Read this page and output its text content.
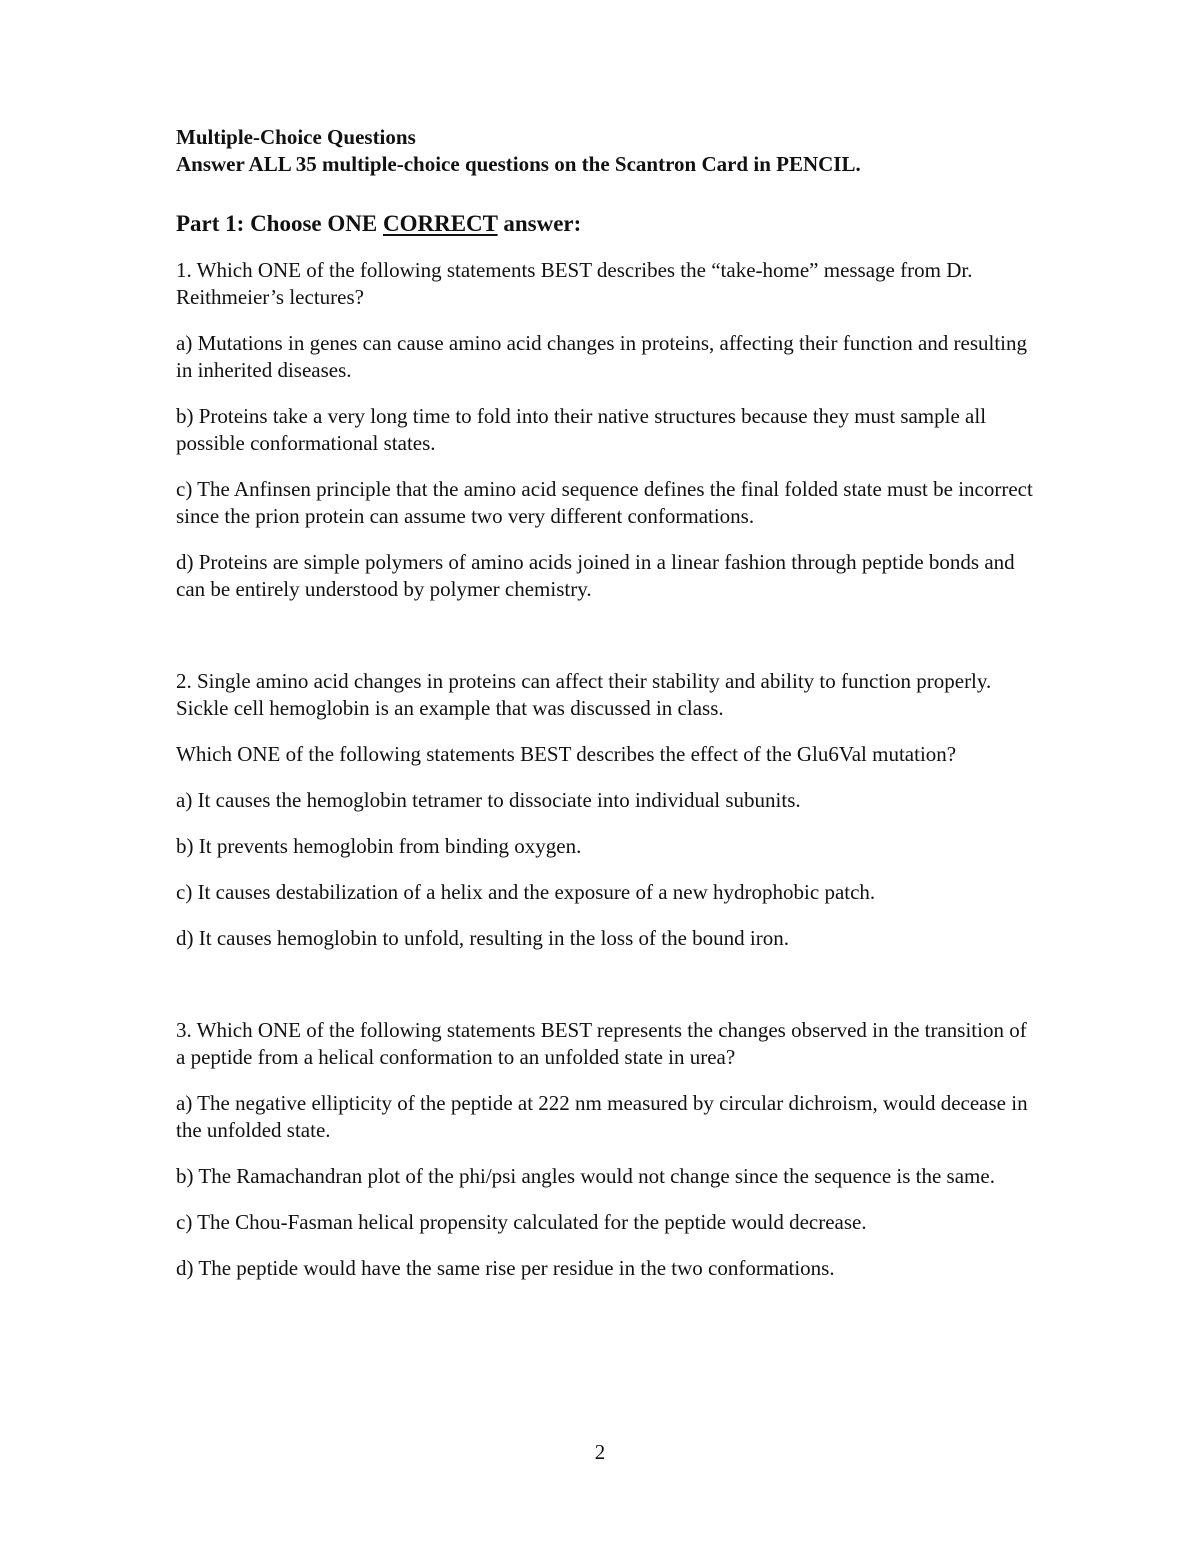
Multiple-Choice Questions

Answer ALL 35 multiple-choice questions on the Scantron Card in PENCIL.

Part 1: Choose ONE CORRECT answer:

1. Which ONE of the following statements BEST describes the “take-home” message from Dr. Reithmeier’s lectures?

a) Mutations in genes can cause amino acid changes in proteins, affecting their function and resulting in inherited diseases.

b) Proteins take a very long time to fold into their native structures because they must sample all possible conformational states.

c) The Anfinsen principle that the amino acid sequence defines the final folded state must be incorrect since the prion protein can assume two very different conformations.

d) Proteins are simple polymers of amino acids joined in a linear fashion through peptide bonds and can be entirely understood by polymer chemistry.

2. Single amino acid changes in proteins can affect their stability and ability to function properly. Sickle cell hemoglobin is an example that was discussed in class.

Which ONE of the following statements BEST describes the effect of the Glu6Val mutation?

a) It causes the hemoglobin tetramer to dissociate into individual subunits.

b) It prevents hemoglobin from binding oxygen.

c) It causes destabilization of a helix and the exposure of a new hydrophobic patch.

d) It causes hemoglobin to unfold, resulting in the loss of the bound iron.

3. Which ONE of the following statements BEST represents the changes observed in the transition of a peptide from a helical conformation to an unfolded state in urea?

a) The negative ellipticity of the peptide at 222 nm measured by circular dichroism, would decease in the unfolded state.

b) The Ramachandran plot of the phi/psi angles would not change since the sequence is the same.

c) The Chou-Fasman helical propensity calculated for the peptide would decrease.

d) The peptide would have the same rise per residue in the two conformations.

2
